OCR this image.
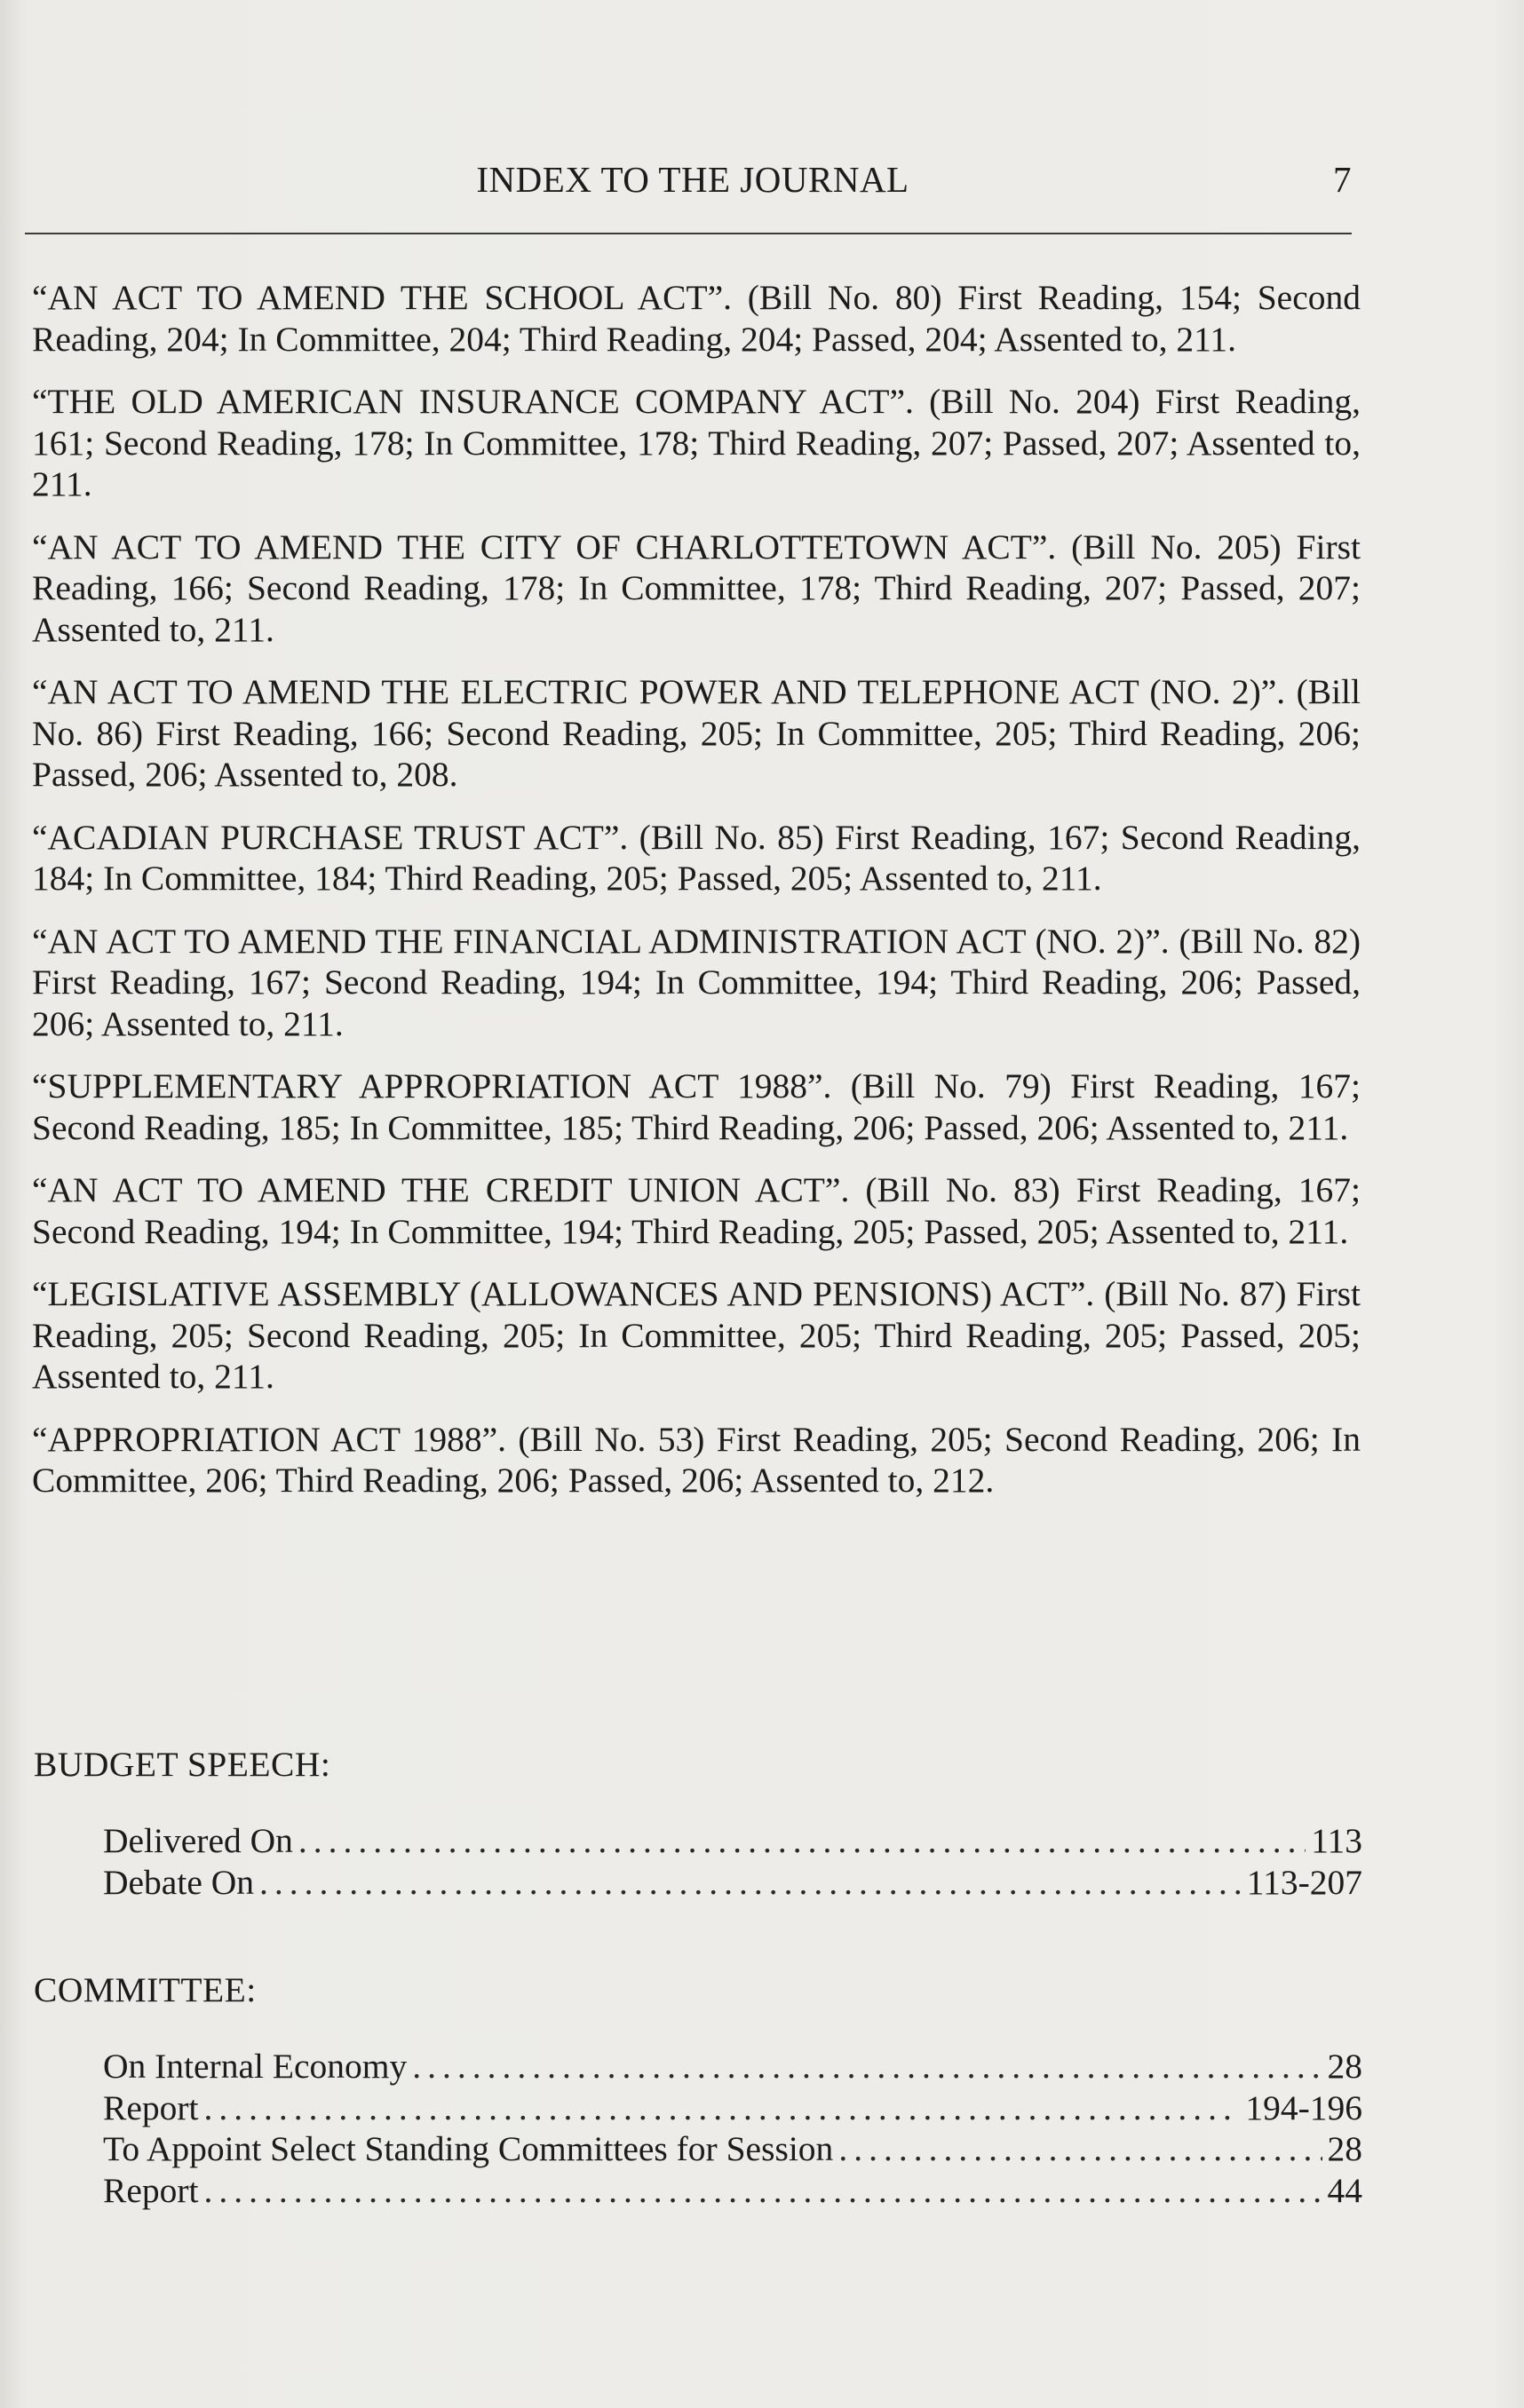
INDEX TO THE JOURNAL	7

“AN ACT TO AMEND THE SCHOOL ACT”. (Bill No. 80) First Reading, 154; Second Reading, 204; In Committee, 204; Third Reading, 204; Passed, 204; Assented to, 211.

“THE OLD AMERICAN INSURANCE COMPANY ACT”. (Bill No. 204) First Reading, 161; Second Reading, 178; In Committee, 178; Third Reading, 207; Passed, 207; Assented to, 211.

“AN ACT TO AMEND THE CITY OF CHARLOTTETOWN ACT”. (Bill No. 205) First Reading, 166; Second Reading, 178; In Committee, 178; Third Reading, 207; Passed, 207; Assented to, 211.

“AN ACT TO AMEND THE ELECTRIC POWER AND TELEPHONE ACT (NO. 2)”. (Bill No. 86) First Reading, 166; Second Reading, 205; In Committee, 205; Third Reading, 206; Passed, 206; Assented to, 208.

“ACADIAN PURCHASE TRUST ACT”. (Bill No. 85) First Reading, 167; Second Reading, 184; In Committee, 184; Third Reading, 205; Passed, 205; Assented to, 211.

“AN ACT TO AMEND THE FINANCIAL ADMINISTRATION ACT (NO. 2)”. (Bill No. 82) First Reading, 167; Second Reading, 194; In Committee, 194; Third Reading, 206; Passed, 206; Assented to, 211.

“SUPPLEMENTARY APPROPRIATION ACT 1988”. (Bill No. 79) First Reading, 167; Second Reading, 185; In Committee, 185; Third Reading, 206; Passed, 206; Assented to, 211.

“AN ACT TO AMEND THE CREDIT UNION ACT”. (Bill No. 83) First Reading, 167; Second Reading, 194; In Committee, 194; Third Reading, 205; Passed, 205; Assented to, 211.

“LEGISLATIVE ASSEMBLY (ALLOWANCES AND PENSIONS) ACT”. (Bill No. 87) First Reading, 205; Second Reading, 205; In Committee, 205; Third Reading, 205; Passed, 205; Assented to, 211.

“APPROPRIATION ACT 1988”. (Bill No. 53) First Reading, 205; Second Reading, 206; In Committee, 206; Third Reading, 206; Passed, 206; Assented to, 212.

BUDGET SPEECH:
Delivered On .....	113
Debate On .....	113-207
COMMITTEE:
On Internal Economy .....	28
Report .....	194-196
To Appoint Select Standing Committees for Session .....	28
Report .....	44
